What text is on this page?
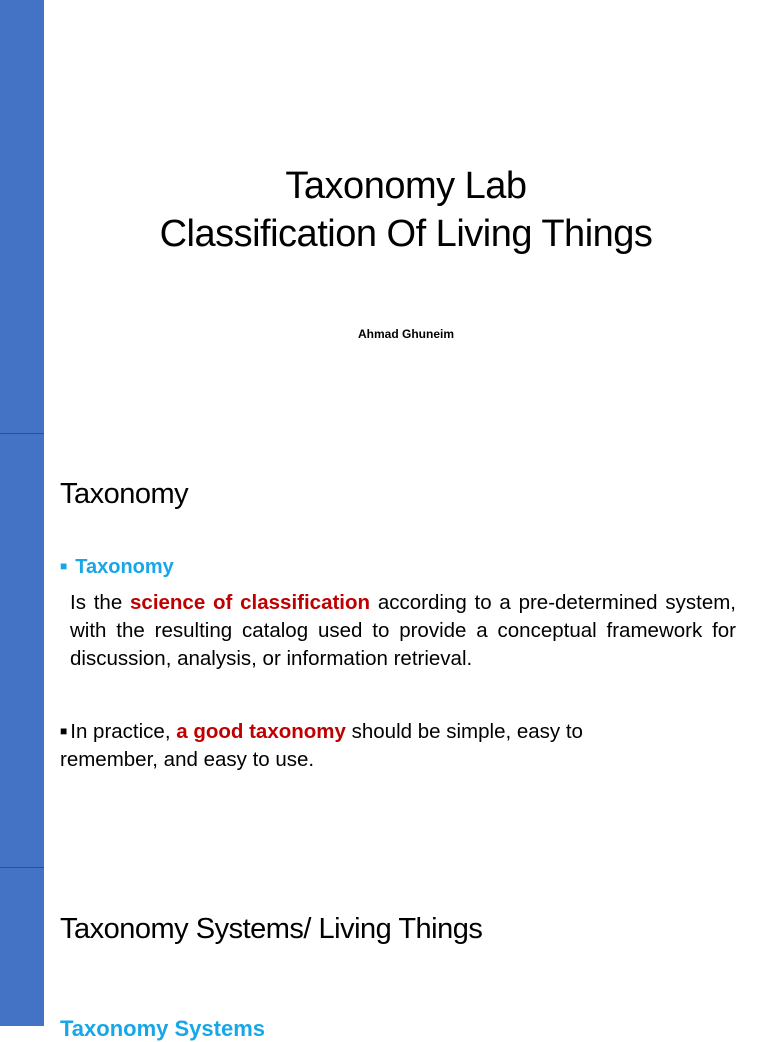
Taxonomy Lab
Classification Of Living Things
Ahmad Ghuneim
Taxonomy
■ Taxonomy
Is the science of classification according to a pre-determined system, with the resulting catalog used to provide a conceptual framework for discussion, analysis, or information retrieval.
■ In practice, a good taxonomy should be simple, easy to remember, and easy to use.
Taxonomy Systems/ Living Things
Taxonomy Systems
